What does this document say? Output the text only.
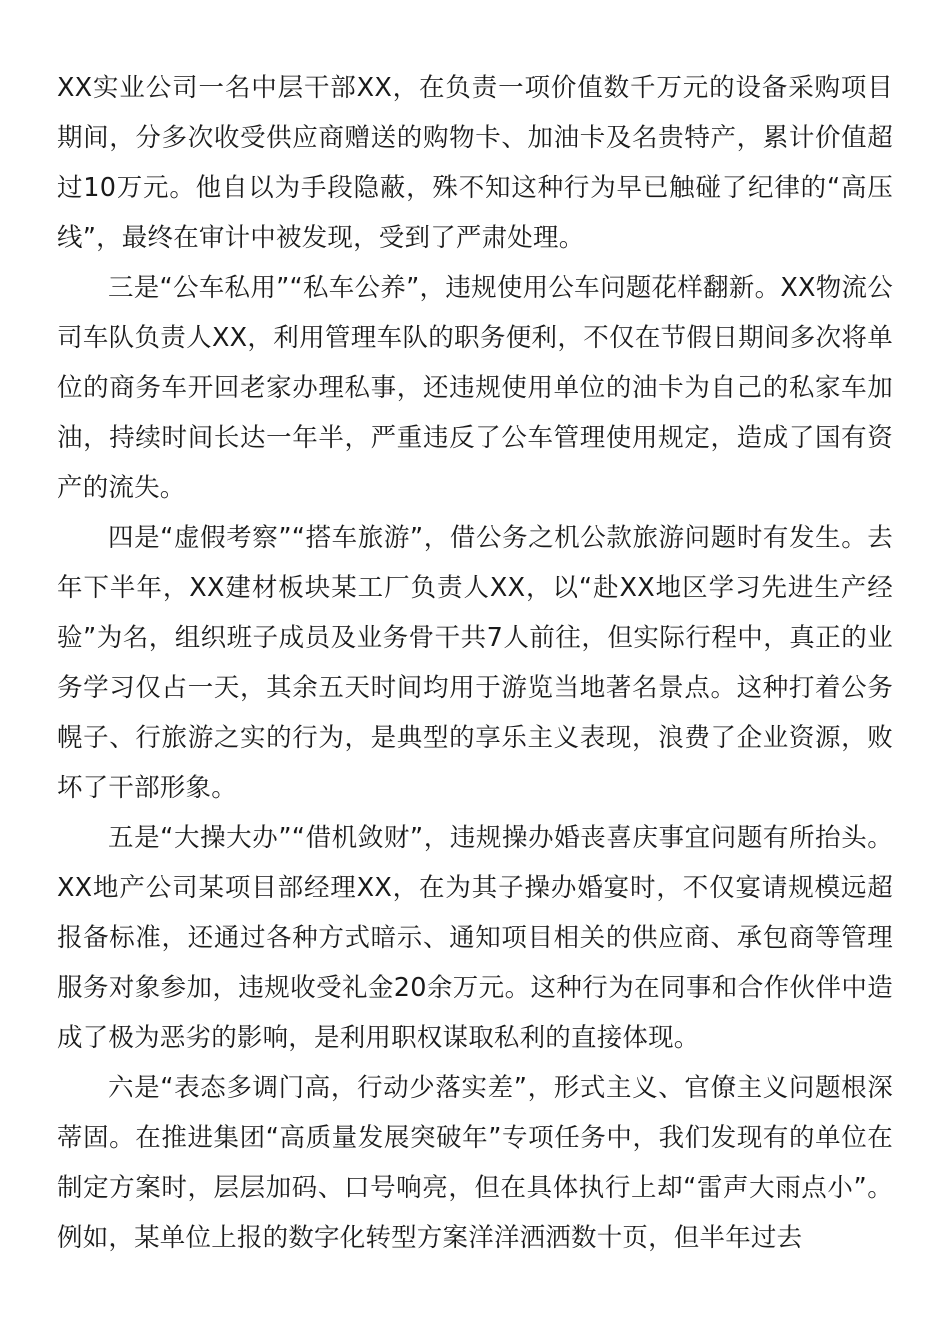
XX实业公司一名中层干部XX，在负责一项价值数千万元的设备采购项目期间，分多次收受供应商赠送的购物卡、加油卡及名贵特产，累计价值超过10万元。他自以为手段隐蔽，殊不知这种行为早已触碰了纪律的“高压线”，最终在审计中被发现，受到了严肃处理。

三是“公车私用”“私车公养”，违规使用公车问题花样翻新。XX物流公司车队负责人XX，利用管理车队的职务便利，不仅在节假日期间多次将单位的商务车开回老家办理私事，还违规使用单位的油卡为自己的私家车加油，持续时间长达一年半，严重违反了公车管理使用规定，造成了国有资产的流失。

四是“虚假考察”“搭车旅游”，借公务之机公款旅游问题时有发生。去年下半年，XX建材板块某工厂负责人XX，以“赴XX地区学习先进生产经验”为名，组织班子成员及业务骨干共7人前往，但实际行程中，真正的业务学习仅占一天，其余五天时间均用于游览当地著名景点。这种打着公务幌子、行旅游之实的行为，是典型的享乐主义表现，浪费了企业资源，败坏了干部形象。

五是“大操大办”“借机敛财”，违规操办婚丧喜庆事宜问题有所抬头。XX地产公司某项目部经理XX，在为其子操办婚宴时，不仅宴请规模远超报备标准，还通过各种方式暗示、通知项目相关的供应商、承包商等管理服务对象参加，违规收受礼金20余万元。这种行为在同事和合作伙伴中造成了极为恶劣的影响，是利用职权谋取私利的直接体现。

六是“表态多调门高，行动少落实差”，形式主义、官僚主义问题根深蒂固。在推进集团“高质量发展突破年”专项任务中，我们发现有的单位在制定方案时，层层加码、口号响亮，但在具体执行上却“雷声大雨点小”。例如，某单位上报的数字化转型方案洋洋洒洒数十页，但半年过去
